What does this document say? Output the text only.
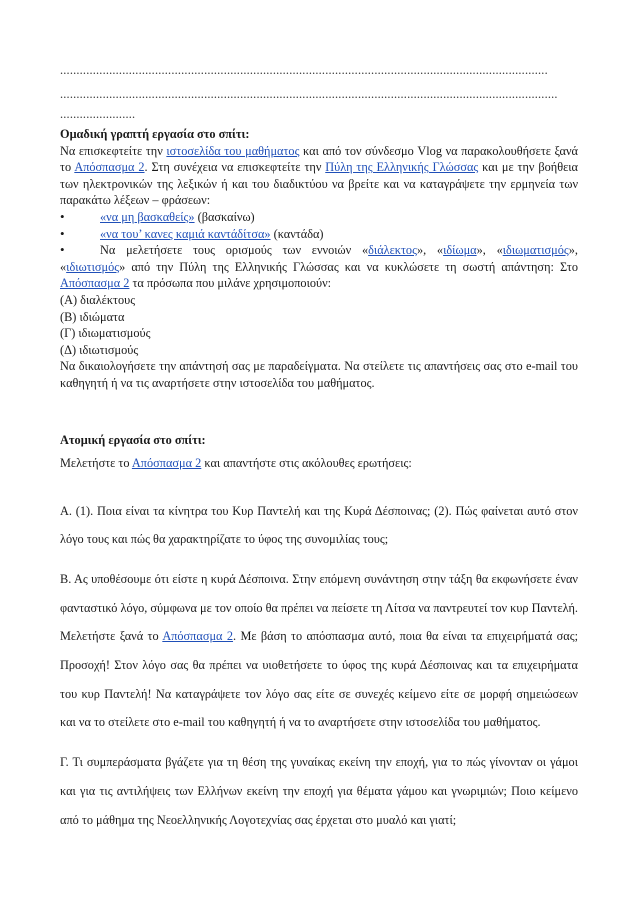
.....................................................................................................................................................
........................................................................................................................................................
.......................

Ομαδική γραπτή εργασία στο σπίτι:

Να επισκεφτείτε την ιστοσελίδα του μαθήματος και από τον σύνδεσμο Vlog να παρακολουθήσετε ξανά το Απόσπασμα 2. Στη συνέχεια να επισκεφτείτε την Πύλη της Ελληνικής Γλώσσας και με την βοήθεια των ηλεκτρονικών της λεξικών ή και του διαδικτύου να βρείτε και να καταγράψετε την ερμηνεία των παρακάτω λέξεων – φράσεων:

•
«να μη βασκαθείς» (βασκαίνω)
•
«να του’ κανες καμιά καντάδίτσα» (καντάδα)

•Να μελετήσετε τους ορισμούς των εννοιών «διάλεκτος», «ιδίωμα», «ιδιωματισμός», «ιδιωτισμός» από την Πύλη της Ελληνικής Γλώσσας και να κυκλώσετε τη σωστή απάντηση: Στο Απόσπασμα 2 τα πρόσωπα που μιλάνε χρησιμοποιούν:

(Α) διαλέκτους

(Β) ιδιώματα

(Γ) ιδιωματισμούς

(Δ) ιδιωτισμούς

Να δικαιολογήσετε την απάντησή σας με παραδείγματα. Να στείλετε τις απαντήσεις σας στο e-mail του καθηγητή ή να τις αναρτήσετε στην ιστοσελίδα του μαθήματος.

Ατομική εργασία στο σπίτι:

Μελετήστε το Απόσπασμα 2 και απαντήστε στις ακόλουθες ερωτήσεις:

Α. (1). Ποια είναι τα κίνητρα του Κυρ Παντελή και της Κυρά Δέσποινας; (2). Πώς φαίνεται αυτό στον λόγο τους και πώς θα χαρακτηρίζατε το ύφος της συνομιλίας τους;

Β. Ας υποθέσουμε ότι είστε η κυρά Δέσποινα. Στην επόμενη συνάντηση στην τάξη θα εκφωνήσετε έναν φανταστικό λόγο, σύμφωνα με τον οποίο θα πρέπει να πείσετε τη Λίτσα να παντρευτεί τον κυρ Παντελή. Μελετήστε ξανά το Απόσπασμα 2. Με βάση το απόσπασμα αυτό, ποια θα είναι τα επιχειρήματά σας; Προσοχή! Στον λόγο σας θα πρέπει να υιοθετήσετε το ύφος της κυρά Δέσποινας και τα επιχειρήματα του κυρ Παντελή! Να καταγράψετε τον λόγο σας είτε σε συνεχές κείμενο είτε σε μορφή σημειώσεων και να το στείλετε στο e-mail του καθηγητή ή να το αναρτήσετε στην ιστοσελίδα του μαθήματος.

Γ. Τι συμπεράσματα βγάζετε για τη θέση της γυναίκας εκείνη την εποχή, για το πώς γίνονταν οι γάμοι και για τις αντιλήψεις των Ελλήνων εκείνη την εποχή για θέματα γάμου και γνωριμιών; Ποιο κείμενο από το μάθημα της Νεοελληνικής Λογοτεχνίας σας έρχεται στο μυαλό και γιατί;
